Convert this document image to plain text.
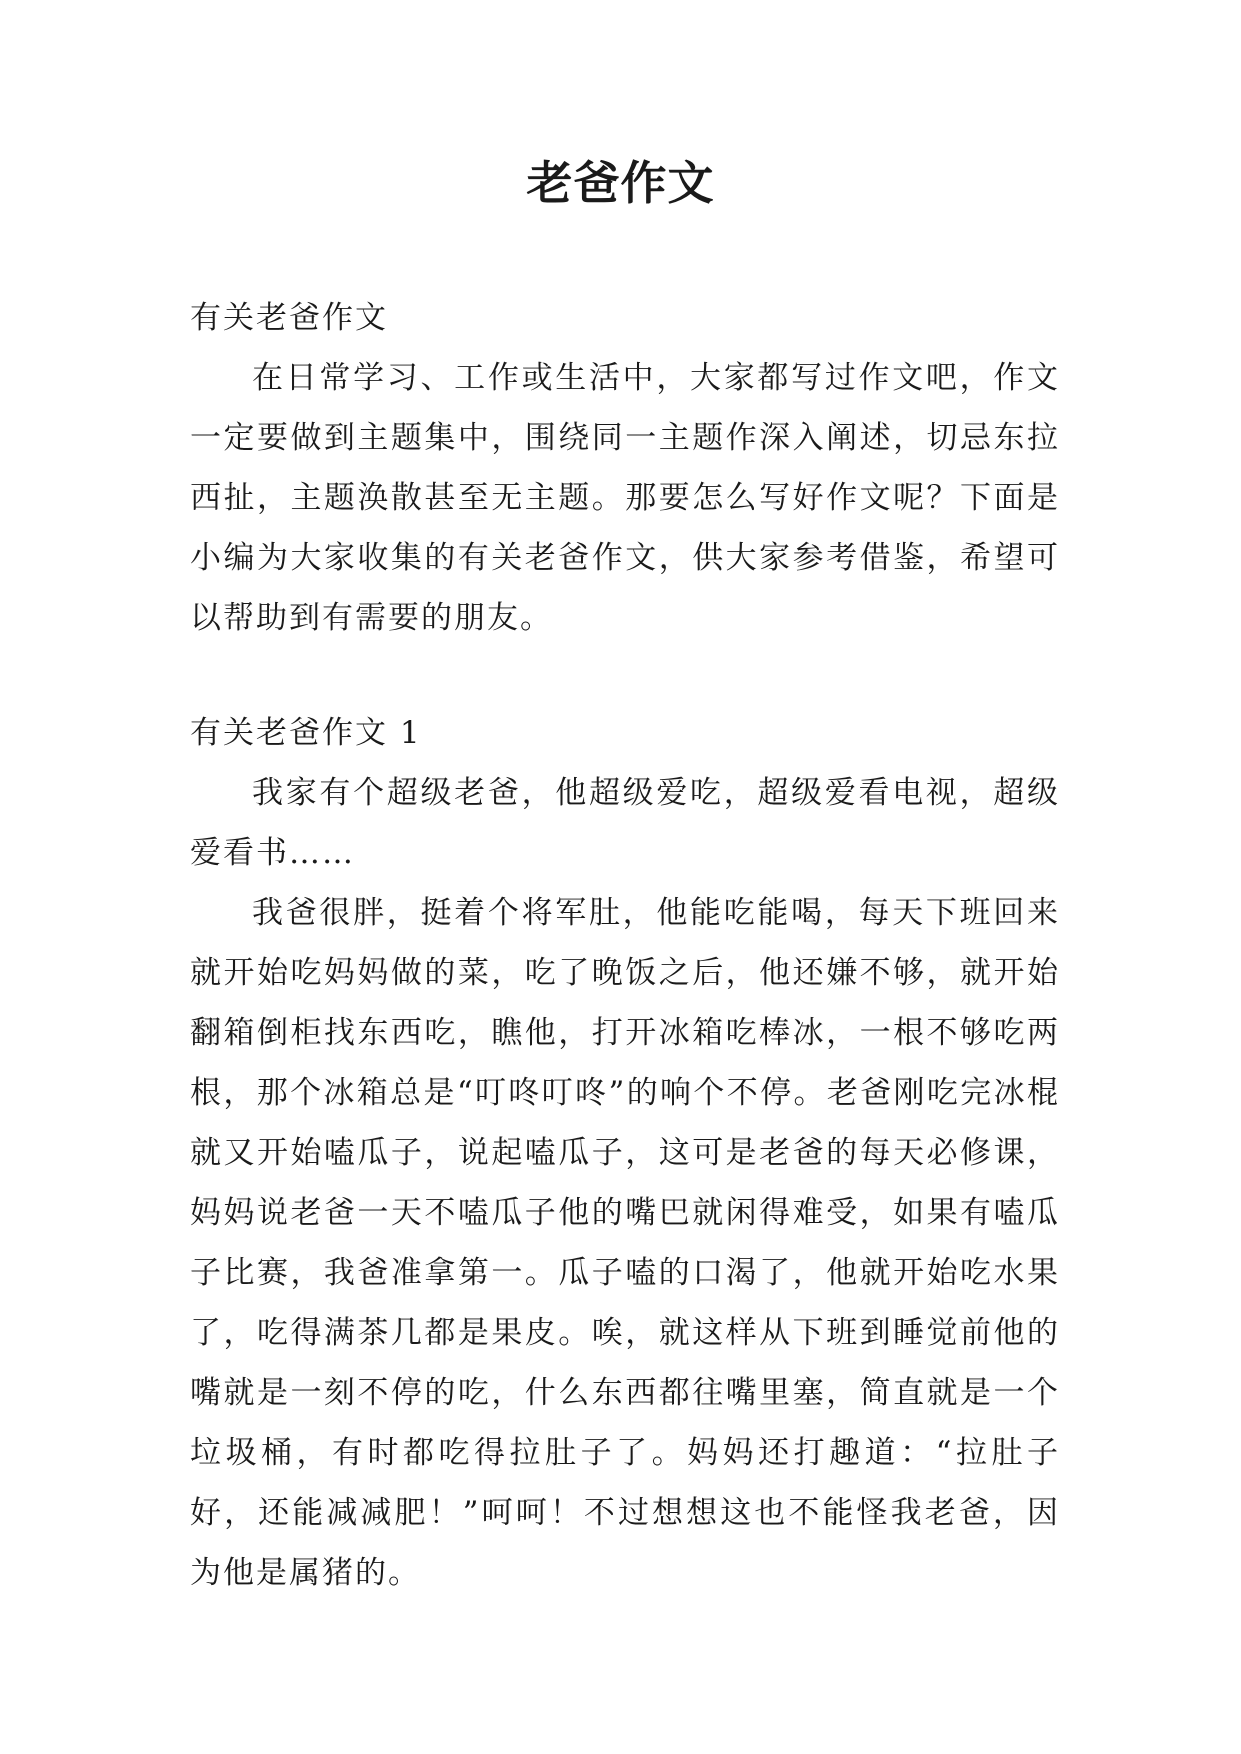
老爸作文

有关老爸作文

在日常学习、工作或生活中，大家都写过作文吧，作文一定要做到主题集中，围绕同一主题作深入阐述，切忌东拉西扯，主题涣散甚至无主题。那要怎么写好作文呢？下面是小编为大家收集的有关老爸作文，供大家参考借鉴，希望可以帮助到有需要的朋友。

有关老爸作文 1

我家有个超级老爸，他超级爱吃，超级爱看电视，超级爱看书……

我爸很胖，挺着个将军肚，他能吃能喝，每天下班回来就开始吃妈妈做的菜，吃了晚饭之后，他还嫌不够，就开始翻箱倒柜找东西吃，瞧他，打开冰箱吃棒冰，一根不够吃两根，那个冰箱总是“叮咚叮咚”的响个不停。老爸刚吃完冰棍就又开始嗑瓜子，说起嗑瓜子，这可是老爸的每天必修课，妈妈说老爸一天不嗑瓜子他的嘴巴就闲得难受，如果有嗑瓜子比赛，我爸准拿第一。瓜子嗑的口渴了，他就开始吃水果了，吃得满茶几都是果皮。唉，就这样从下班到睡觉前他的嘴就是一刻不停的吃，什么东西都往嘴里塞，简直就是一个垃圾桶，有时都吃得拉肚子了。妈妈还打趣道：“拉肚子好，还能减减肥！”呵呵！不过想想这也不能怪我老爸，因为他是属猪的。
